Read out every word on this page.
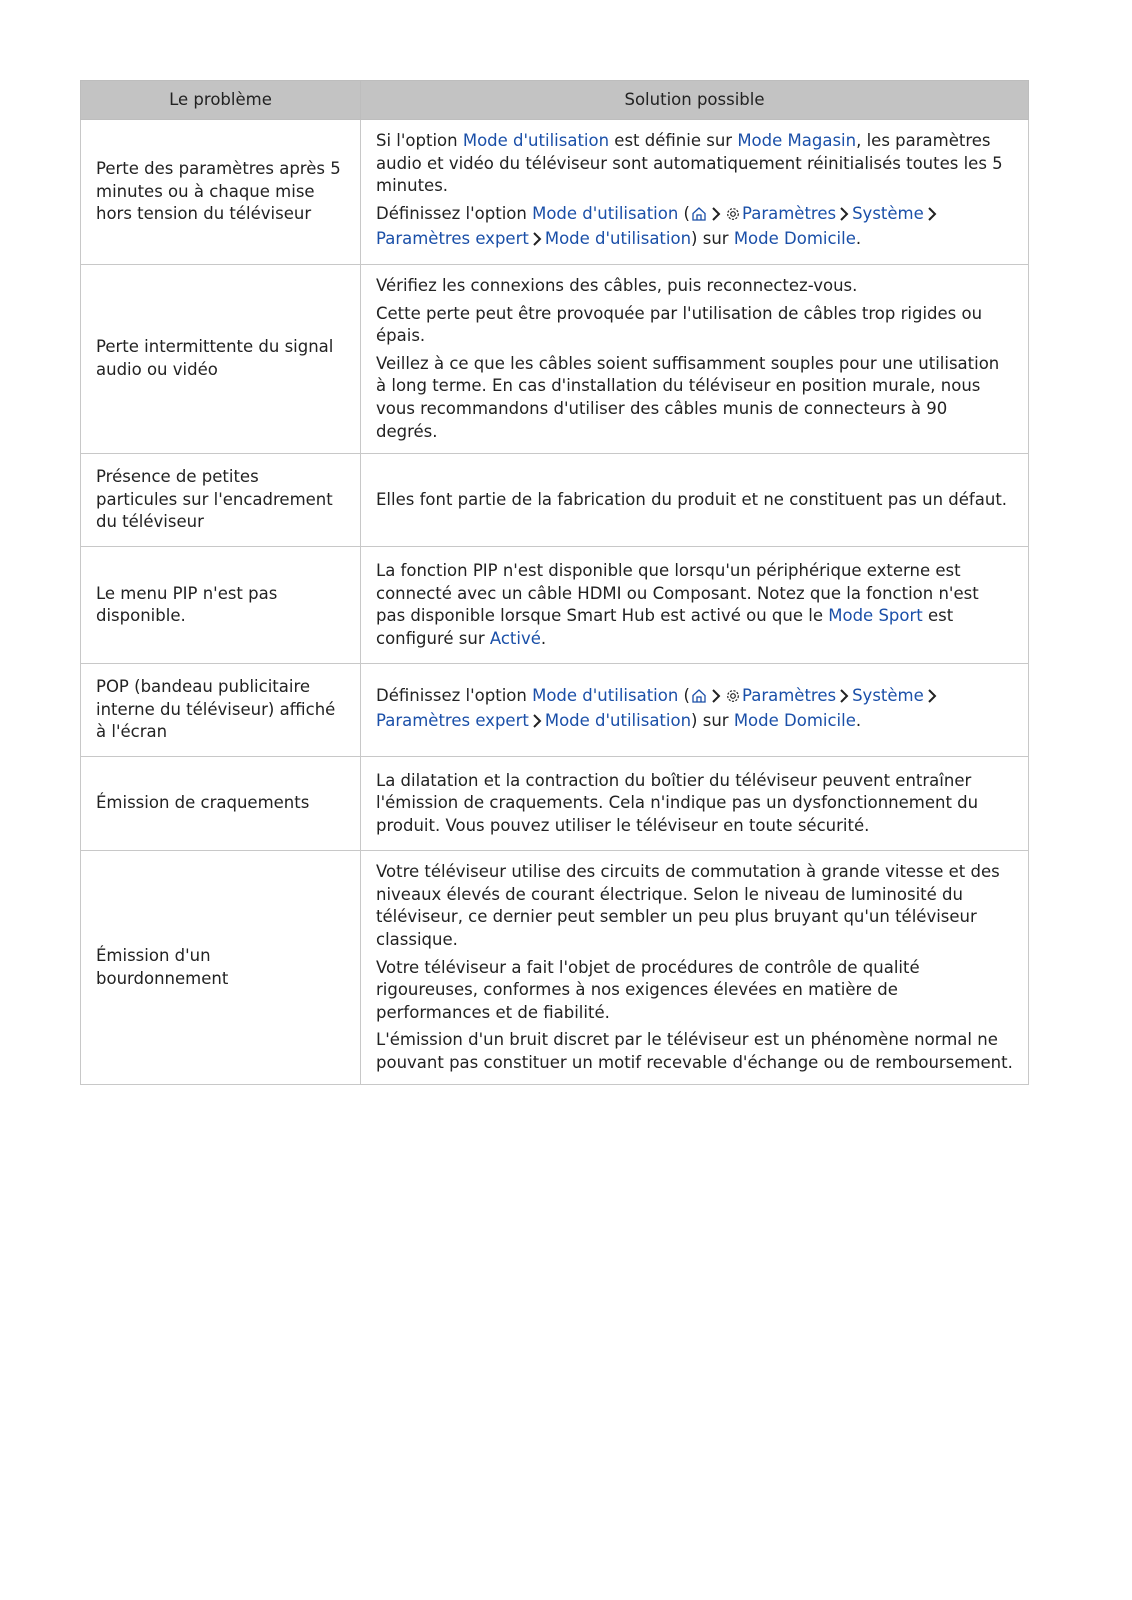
Le problème	Solution possible
Perte des paramètres après 5 minutes ou à chaque mise hors tension du téléviseur	Si l'option Mode d'utilisation est définie sur Mode Magasin, les paramètres audio et vidéo du téléviseur sont automatiquement réinitialisés toutes les 5 minutes.

Définissez l'option Mode d'utilisation ( Paramètres SystèmeParamètres expert Mode d'utilisation) sur Mode Domicile.

Perte intermittente du signal audio ou vidéo	Vérifiez les connexions des câbles, puis reconnectez-vous.

Cette perte peut être provoquée par l'utilisation de câbles trop rigides ou épais.

Veillez à ce que les câbles soient suffisamment souples pour une utilisation à long terme. En cas d'installation du téléviseur en position murale, nous vous recommandons d'utiliser des câbles munis de connecteurs à 90 degrés.

Présence de petites particules sur l'encadrement du téléviseur	Elles font partie de la fabrication du produit et ne constituent pas un défaut.

Le menu PIP n'est pas disponible.	La fonction PIP n'est disponible que lorsqu'un périphérique externe est connecté avec un câble HDMI ou Composant. Notez que la fonction n'est pas disponible lorsque Smart Hub est activé ou que le Mode Sport est configuré sur Activé.

POP (bandeau publicitaire interne du téléviseur) affiché à l'écran	Définissez l'option Mode d'utilisation ( Paramètres SystèmeParamètres expert Mode d'utilisation) sur Mode Domicile.

Émission de craquements	La dilatation et la contraction du boîtier du téléviseur peuvent entraîner l'émission de craquements. Cela n'indique pas un dysfonctionnement du produit. Vous pouvez utiliser le téléviseur en toute sécurité.

Émission d'un bourdonnement	Votre téléviseur utilise des circuits de commutation à grande vitesse et des niveaux élevés de courant électrique. Selon le niveau de luminosité du téléviseur, ce dernier peut sembler un peu plus bruyant qu'un téléviseur classique.

Votre téléviseur a fait l'objet de procédures de contrôle de qualité rigoureuses, conformes à nos exigences élevées en matière de performances et de fiabilité.

L'émission d'un bruit discret par le téléviseur est un phénomène normal ne pouvant pas constituer un motif recevable d'échange ou de remboursement.
